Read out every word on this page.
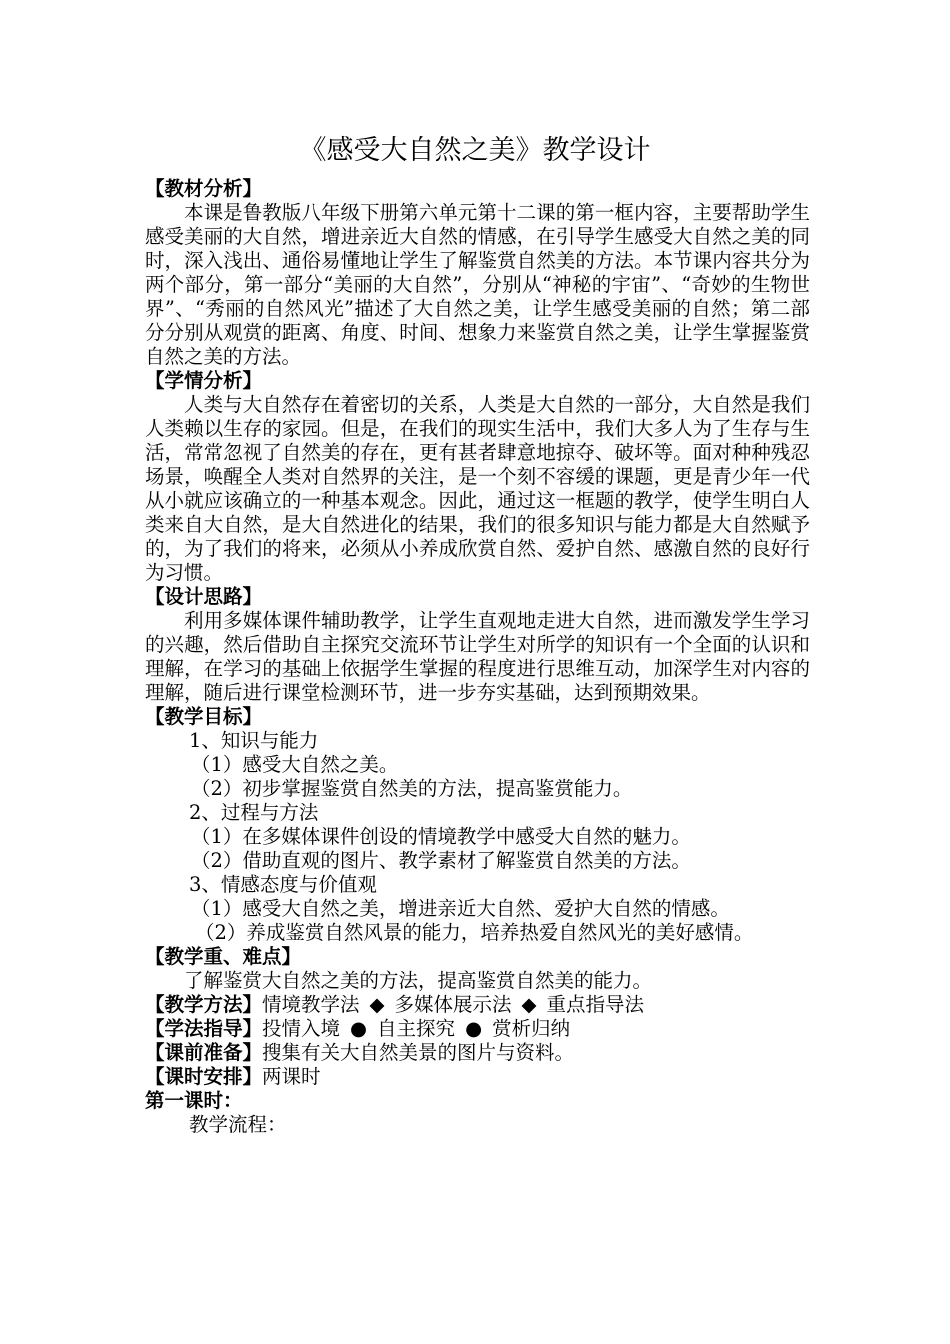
《感受大自然之美》教学设计
【教材分析】

本课是鲁教版八年级下册第六单元第十二课的第一框内容，主要帮助学生感受美丽的大自然，增进亲近大自然的情感，在引导学生感受大自然之美的同时，深入浅出、通俗易懂地让学生了解鉴赏自然美的方法。本节课内容共分为两个部分，第一部分“美丽的大自然”，分别从“神秘的宇宙”、“奇妙的生物世界”、“秀丽的自然风光”描述了大自然之美，让学生感受美丽的自然；第二部分分别从观赏的距离、角度、时间、想象力来鉴赏自然之美，让学生掌握鉴赏自然之美的方法。

【学情分析】

人类与大自然存在着密切的关系，人类是大自然的一部分，大自然是我们人类赖以生存的家园。但是，在我们的现实生活中，我们大多人为了生存与生活，常常忽视了自然美的存在，更有甚者肆意地掠夺、破坏等。面对种种残忍场景，唤醒全人类对自然界的关注，是一个刻不容缓的课题，更是青少年一代从小就应该确立的一种基本观念。因此，通过这一框题的教学，使学生明白人类来自大自然，是大自然进化的结果，我们的很多知识与能力都是大自然赋予的，为了我们的将来，必须从小养成欣赏自然、爱护自然、感激自然的良好行为习惯。

【设计思路】

利用多媒体课件辅助教学，让学生直观地走进大自然，进而激发学生学习的兴趣，然后借助自主探究交流环节让学生对所学的知识有一个全面的认识和理解，在学习的基础上依据学生掌握的程度进行思维互动，加深学生对内容的理解，随后进行课堂检测环节，进一步夯实基础，达到预期效果。

【教学目标】
1、知识与能力
（1）感受大自然之美。
（2）初步掌握鉴赏自然美的方法，提高鉴赏能力。
2、过程与方法
（1）在多媒体课件创设的情境教学中感受大自然的魅力。
（2）借助直观的图片、教学素材了解鉴赏自然美的方法。
3、情感态度与价值观
（1）感受大自然之美，增进亲近大自然、爱护大自然的情感。
（2）养成鉴赏自然风景的能力，培养热爱自然风光的美好感情。
【教学重、难点】

了解鉴赏大自然之美的方法，提高鉴赏自然美的能力。

【教学方法】情境教学法 ◆ 多媒体展示法 ◆ 重点指导法
【学法指导】投情入境 ● 自主探究 ● 赏析归纳
【课前准备】搜集有关大自然美景的图片与资料。
【课时安排】两课时
第一课时：
教学流程：
